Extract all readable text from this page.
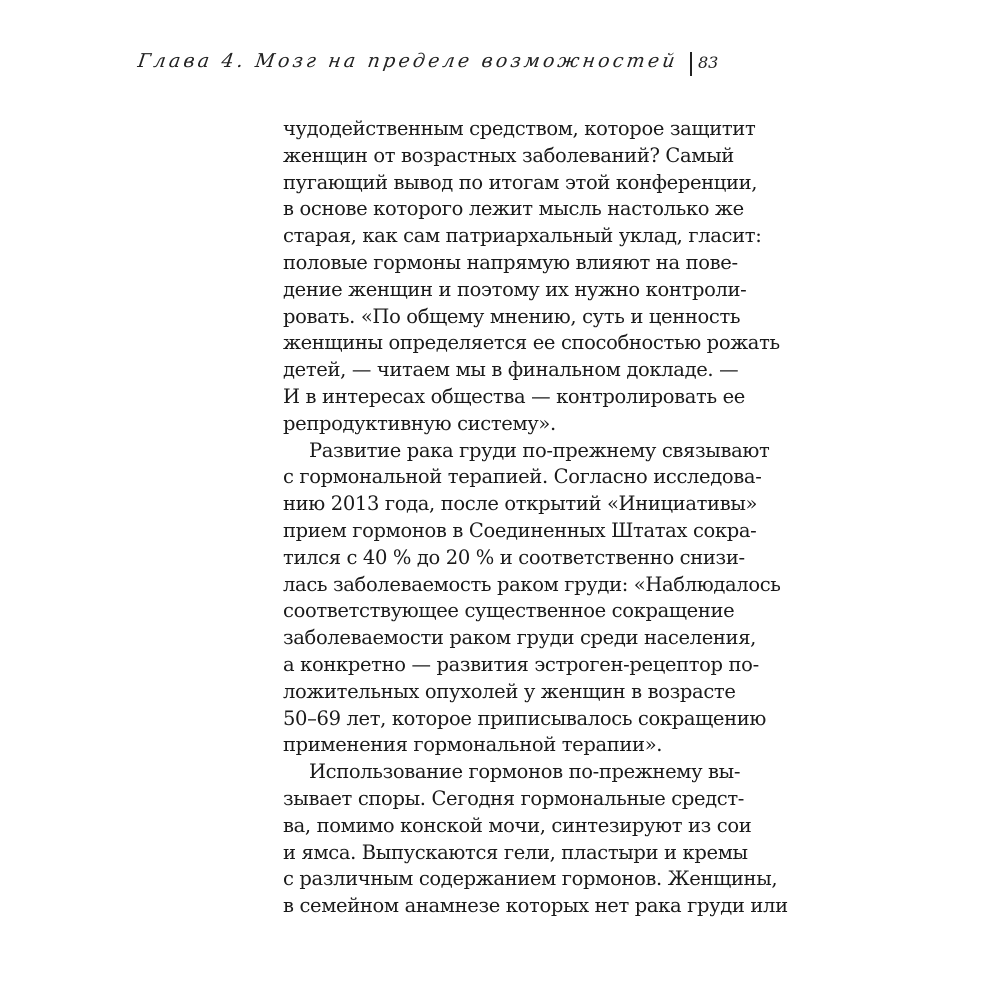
Глава 4. Мозг на пределе возможностей 83
чудодейственным средством, которое защитит
женщин от возрастных заболеваний? Самый
пугающий вывод по итогам этой конференции,
в основе которого лежит мысль настолько же
старая, как сам патриархальный уклад, гласит:
половые гормоны напрямую влияют на пове-
дение женщин и поэтому их нужно контроли-
ровать. «По общему мнению, суть и ценность
женщины определяется ее способностью рожать
детей, — читаем мы в финальном докладе. —
И в интересах общества — контролировать ее
репродуктивную систему».
Развитие рака груди по-прежнему связывают
с гормональной терапией. Согласно исследова-
нию 2013 года, после открытий «Инициативы»
прием гормонов в Соединенных Штатах сокра-
тился с 40 % до 20 % и соответственно снизи-
лась заболеваемость раком груди: «Наблюдалось
соответствующее существенное сокращение
заболеваемости раком груди среди населения,
а конкретно — развития эстроген-рецептор по-
ложительных опухолей у женщин в возрасте
50–69 лет, которое приписывалось сокращению
применения гормональной терапии».
Использование гормонов по-прежнему вы-
зывает споры. Сегодня гормональные средст-
ва, помимо конской мочи, синтезируют из сои
и ямса. Выпускаются гели, пластыри и кремы
с различным содержанием гормонов. Женщины,
в семейном анамнезе которых нет рака груди или
